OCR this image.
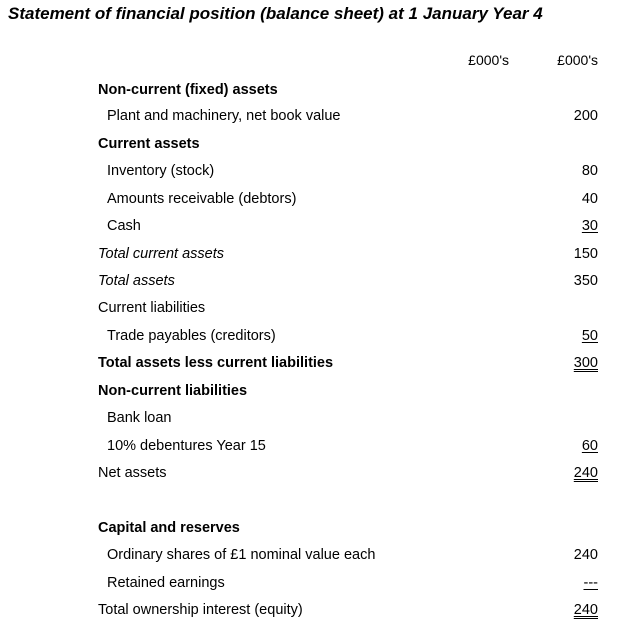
Statement of financial position (balance sheet) at 1 January Year 4
£000's	£000's
Non-current (fixed) assets
Plant and machinery, net book value	200
Current assets
Inventory (stock)	80
Amounts receivable (debtors)	40
Cash	30
Total current assets	150
Total assets	350
Current liabilities
Trade payables (creditors)	50
Total assets less current liabilities	300
Non-current liabilities
Bank loan
10% debentures Year 15	60
Net assets	240
Capital and reserves
Ordinary shares of £1 nominal value each	240
Retained earnings	---
Total ownership interest (equity)	240
